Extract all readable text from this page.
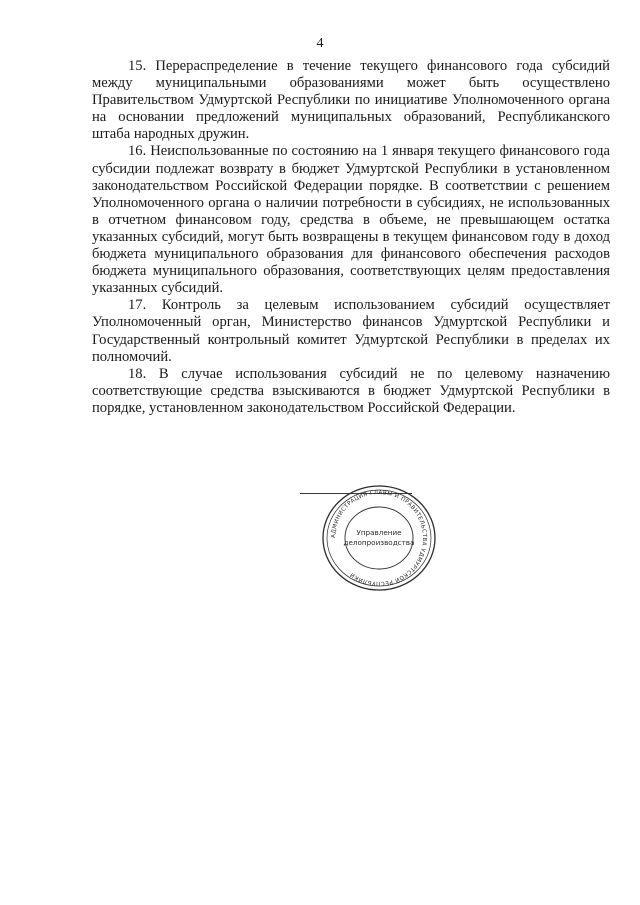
4

15. Перераспределение в течение текущего финансового года субсидий между муниципальными образованиями может быть осуществлено Правительством Удмуртской Республики по инициативе Уполномоченного органа на основании предложений муниципальных образований, Республиканского штаба народных дружин.

16. Неиспользованные по состоянию на 1 января текущего финансового года субсидии подлежат возврату в бюджет Удмуртской Республики в установленном законодательством Российской Федерации порядке. В соответствии с решением Уполномоченного органа о наличии потребности в субсидиях, не использованных в отчетном финансовом году, средства в объеме, не превышающем остатка указанных субсидий, могут быть возвращены в текущем финансовом году в доход бюджета муниципального образования для финансового обеспечения расходов бюджета муниципального образования, соответствующих целям предоставления указанных субсидий.

17. Контроль за целевым использованием субсидий осуществляет Уполномоченный орган, Министерство финансов Удмуртской Республики и Государственный контрольный комитет Удмуртской Республики в пределах их полномочий.

18. В случае использования субсидий не по целевому назначению соответствующие средства взыскиваются в бюджет Удмуртской Республики в порядке, установленном законодательством Российской Федерации.

АДМИНИСТРАЦИЯ ГЛАВЫ И ПРАВИТЕЛЬСТВА УДМУРТСКОЙ РЕСПУБЛИКИ
Управление
делопроизводства
